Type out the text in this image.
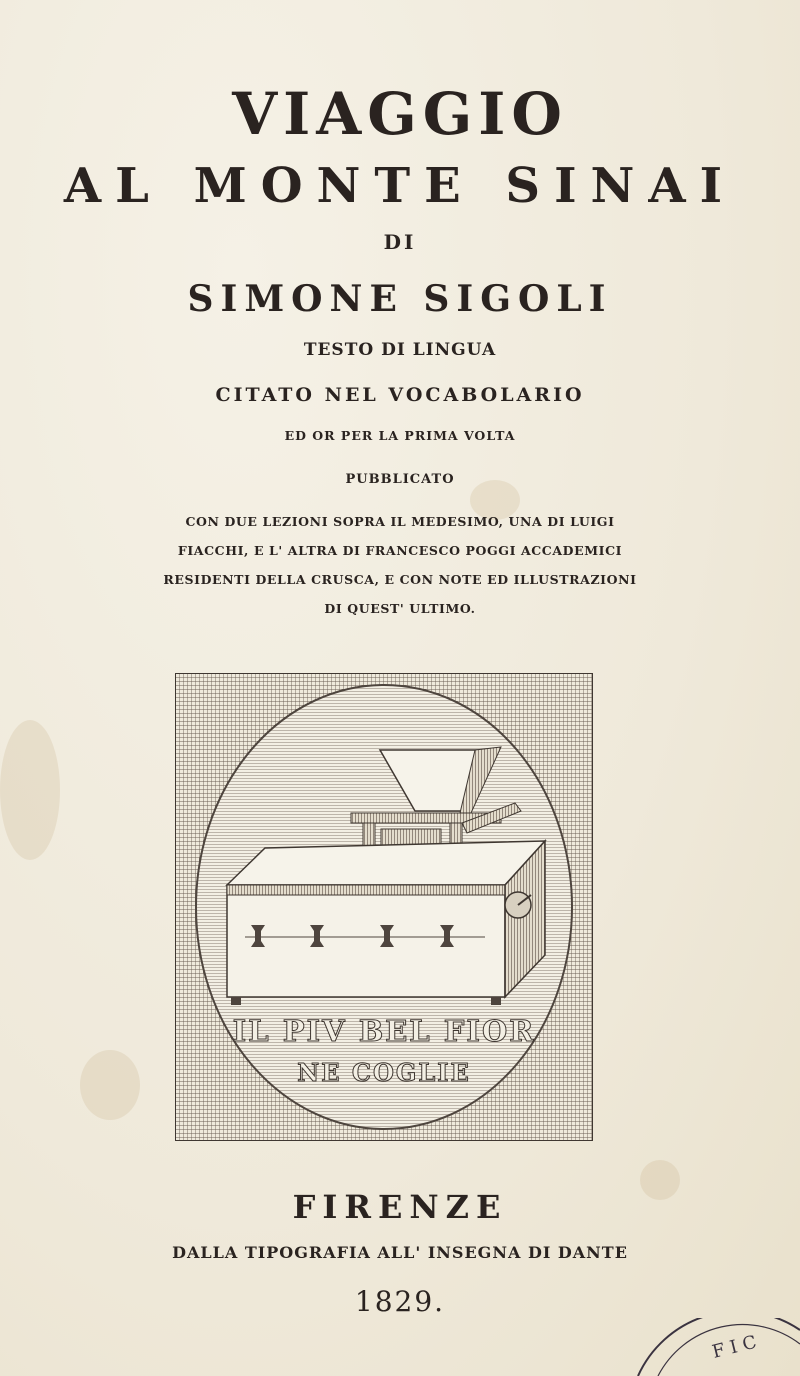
VIAGGIO

AL MONTE SINAI

DI

SIMONE SIGOLI

TESTO DI LINGUA

CITATO NEL VOCABOLARIO

ED OR PER LA PRIMA VOLTA

PUBBLICATO

CON DUE LEZIONI SOPRA IL MEDESIMO, UNA DI LUIGI

FIACCHI, E L' ALTRA DI FRANCESCO POGGI ACCADEMICI

RESIDENTI DELLA CRUSCA, E CON NOTE ED ILLUSTRAZIONI

DI QUEST' ULTIMO.

IL PIV BEL FIOR
NE COGLIE

FIRENZE

DALLA TIPOGRAFIA ALL' INSEGNA DI DANTE

1829.

F I C
